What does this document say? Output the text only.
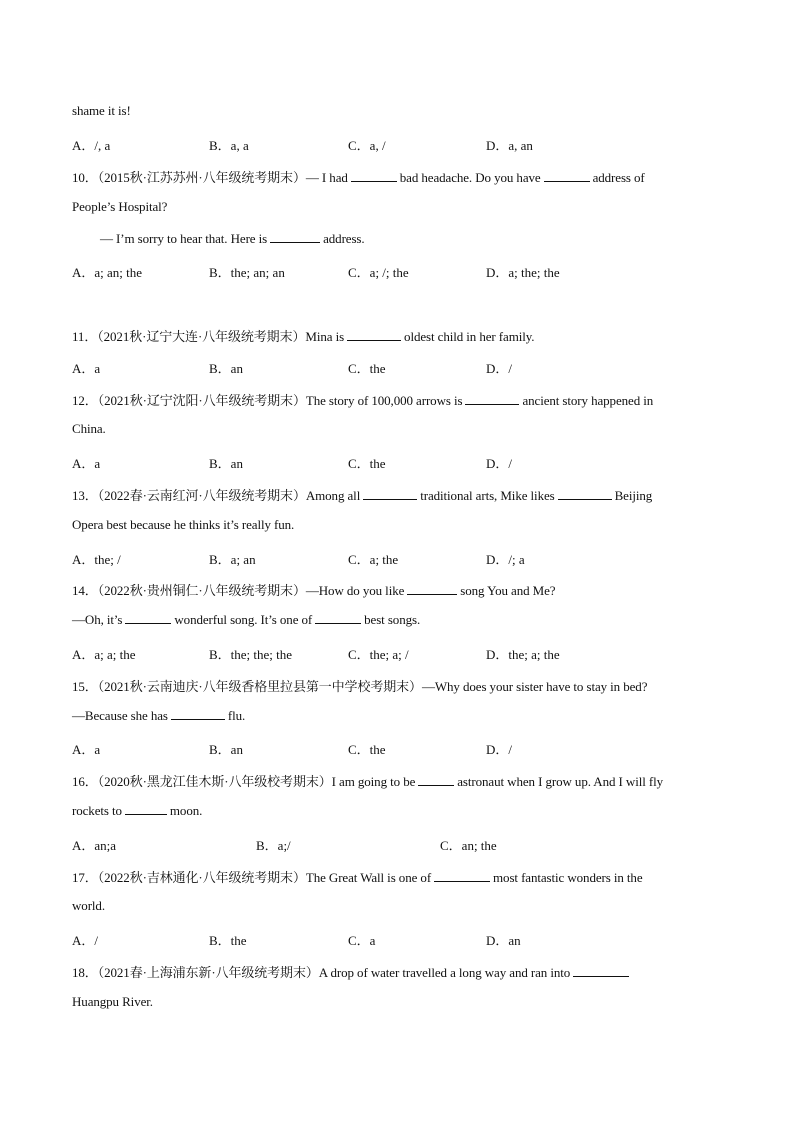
shame it is!
A．/, a	B．a, a	C．a, /	D．a, an
10．（2015秋·江苏苏州·八年级统考期末）— I had	bad headache. Do you have	address of
People’s Hospital?
— I’m sorry to hear that. Here is	address.
A．a; an; the	B．the; an; an	C．a; /; the	D．a; the; the
11．（2021秋·辽宁大连·八年级统考期末）Mina is	oldest child in her family.
A．a	B．an	C．the	D．/
12．（2021秋·辽宁沈阳·八年级统考期末）The story of 100,000 arrows is	ancient story happened in
China.
A．a	B．an	C．the	D．/
13．（2022春·云南红河·八年级统考期末）Among all	traditional arts, Mike likes	Beijing
Opera best because he thinks it’s really fun.
A．the; /	B．a; an	C．a; the	D．/; a
14．（2022秋·贵州铜仁·八年级统考期末）—How do you like	song You and Me?
—Oh, it’s	wonderful song. It’s one of	best songs.
A．a; a; the	B．the; the; the	C．the; a; /	D．the; a; the
15．（2021秋·云南迪庆·八年级香格里拉县第一中学校考期末）—Why does your sister have to stay in bed?
—Because she has	flu.
A．a	B．an	C．the	D．/
16．（2020秋·黑龙江佳木斯·八年级校考期末）I am going to be	astronaut when I grow up. And I will fly
rockets to	moon.
A．an;a	B．a;/	C．an; the
17．（2022秋·吉林通化·八年级统考期末）The Great Wall is one of	most fantastic wonders in the
world.
A．/	B．the	C．a	D．an
18．（2021春·上海浦东新·八年级统考期末）A drop of water travelled a long way and ran into
Huangpu River.
